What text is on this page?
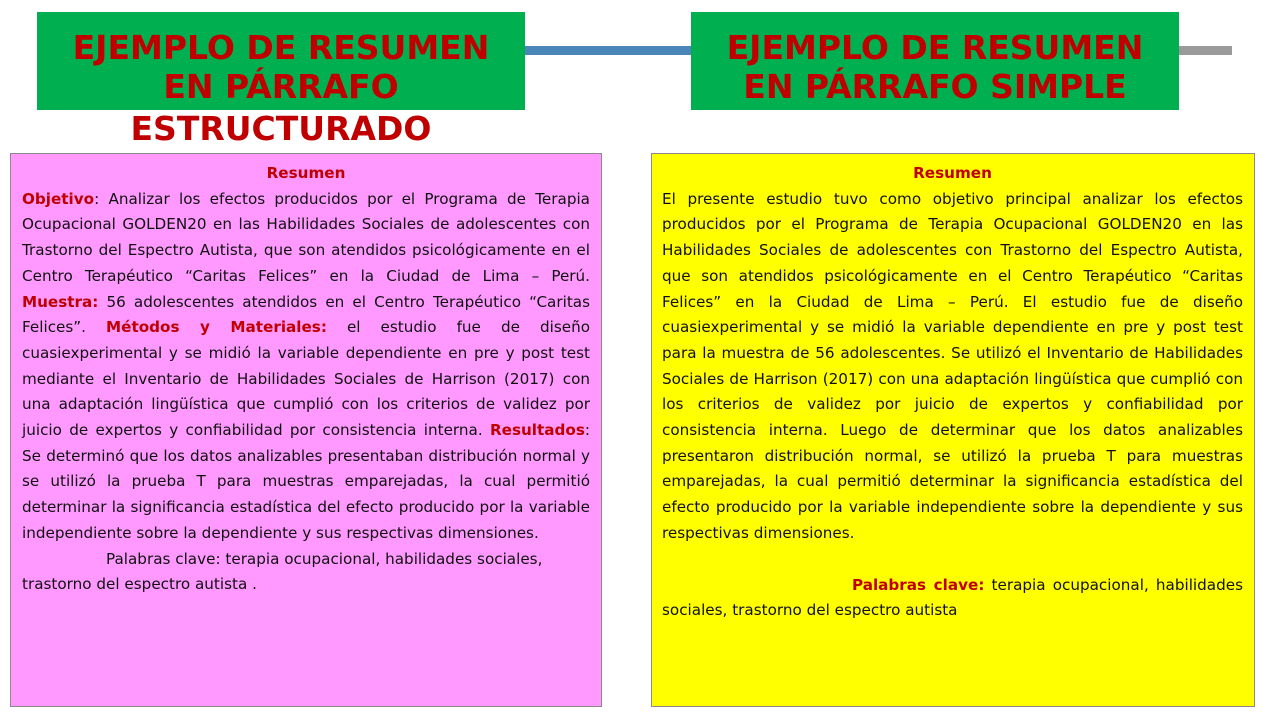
EJEMPLO DE RESUMEN
EN PÁRRAFO
ESTRUCTURADO
EJEMPLO DE RESUMEN
EN PÁRRAFO SIMPLE
Resumen

Objetivo: Analizar los efectos producidos por el Programa de Terapia Ocupacional GOLDEN20 en las Habilidades Sociales de adolescentes con Trastorno del Espectro Autista, que son atendidos psicológicamente en el Centro Terapéutico “Caritas Felices” en la Ciudad de Lima – Perú. Muestra: 56 adolescentes atendidos en el Centro Terapéutico “Caritas Felices”. Métodos y Materiales: el estudio fue de diseño cuasiexperimental y se midió la variable dependiente en pre y post test mediante el Inventario de Habilidades Sociales de Harrison (2017) con una adaptación lingüística que cumplió con los criterios de validez por juicio de expertos y confiabilidad por consistencia interna. Resultados: Se determinó que los datos analizables presentaban distribución normal y se utilizó la prueba T para muestras emparejadas, la cual permitió determinar la significancia estadística del efecto producido por la variable independiente sobre la dependiente y sus respectivas dimensiones.

Palabras clave: terapia ocupacional, habilidades sociales, trastorno del espectro autista .

Resumen

El presente estudio tuvo como objetivo principal analizar los efectos producidos por el Programa de Terapia Ocupacional GOLDEN20 en las Habilidades Sociales de adolescentes con Trastorno del Espectro Autista, que son atendidos psicológicamente en el Centro Terapéutico “Caritas Felices” en la Ciudad de Lima – Perú. El estudio fue de diseño cuasiexperimental y se midió la variable dependiente en pre y post test para la muestra de 56 adolescentes. Se utilizó el Inventario de Habilidades Sociales de Harrison (2017) con una adaptación lingüística que cumplió con los criterios de validez por juicio de expertos y confiabilidad por consistencia interna. Luego de determinar que los datos analizables presentaron distribución normal, se utilizó la prueba T para muestras emparejadas, la cual permitió determinar la significancia estadística del efecto producido por la variable independiente sobre la dependiente y sus respectivas dimensiones.

Palabras clave: terapia ocupacional, habilidades sociales, trastorno del espectro autista
